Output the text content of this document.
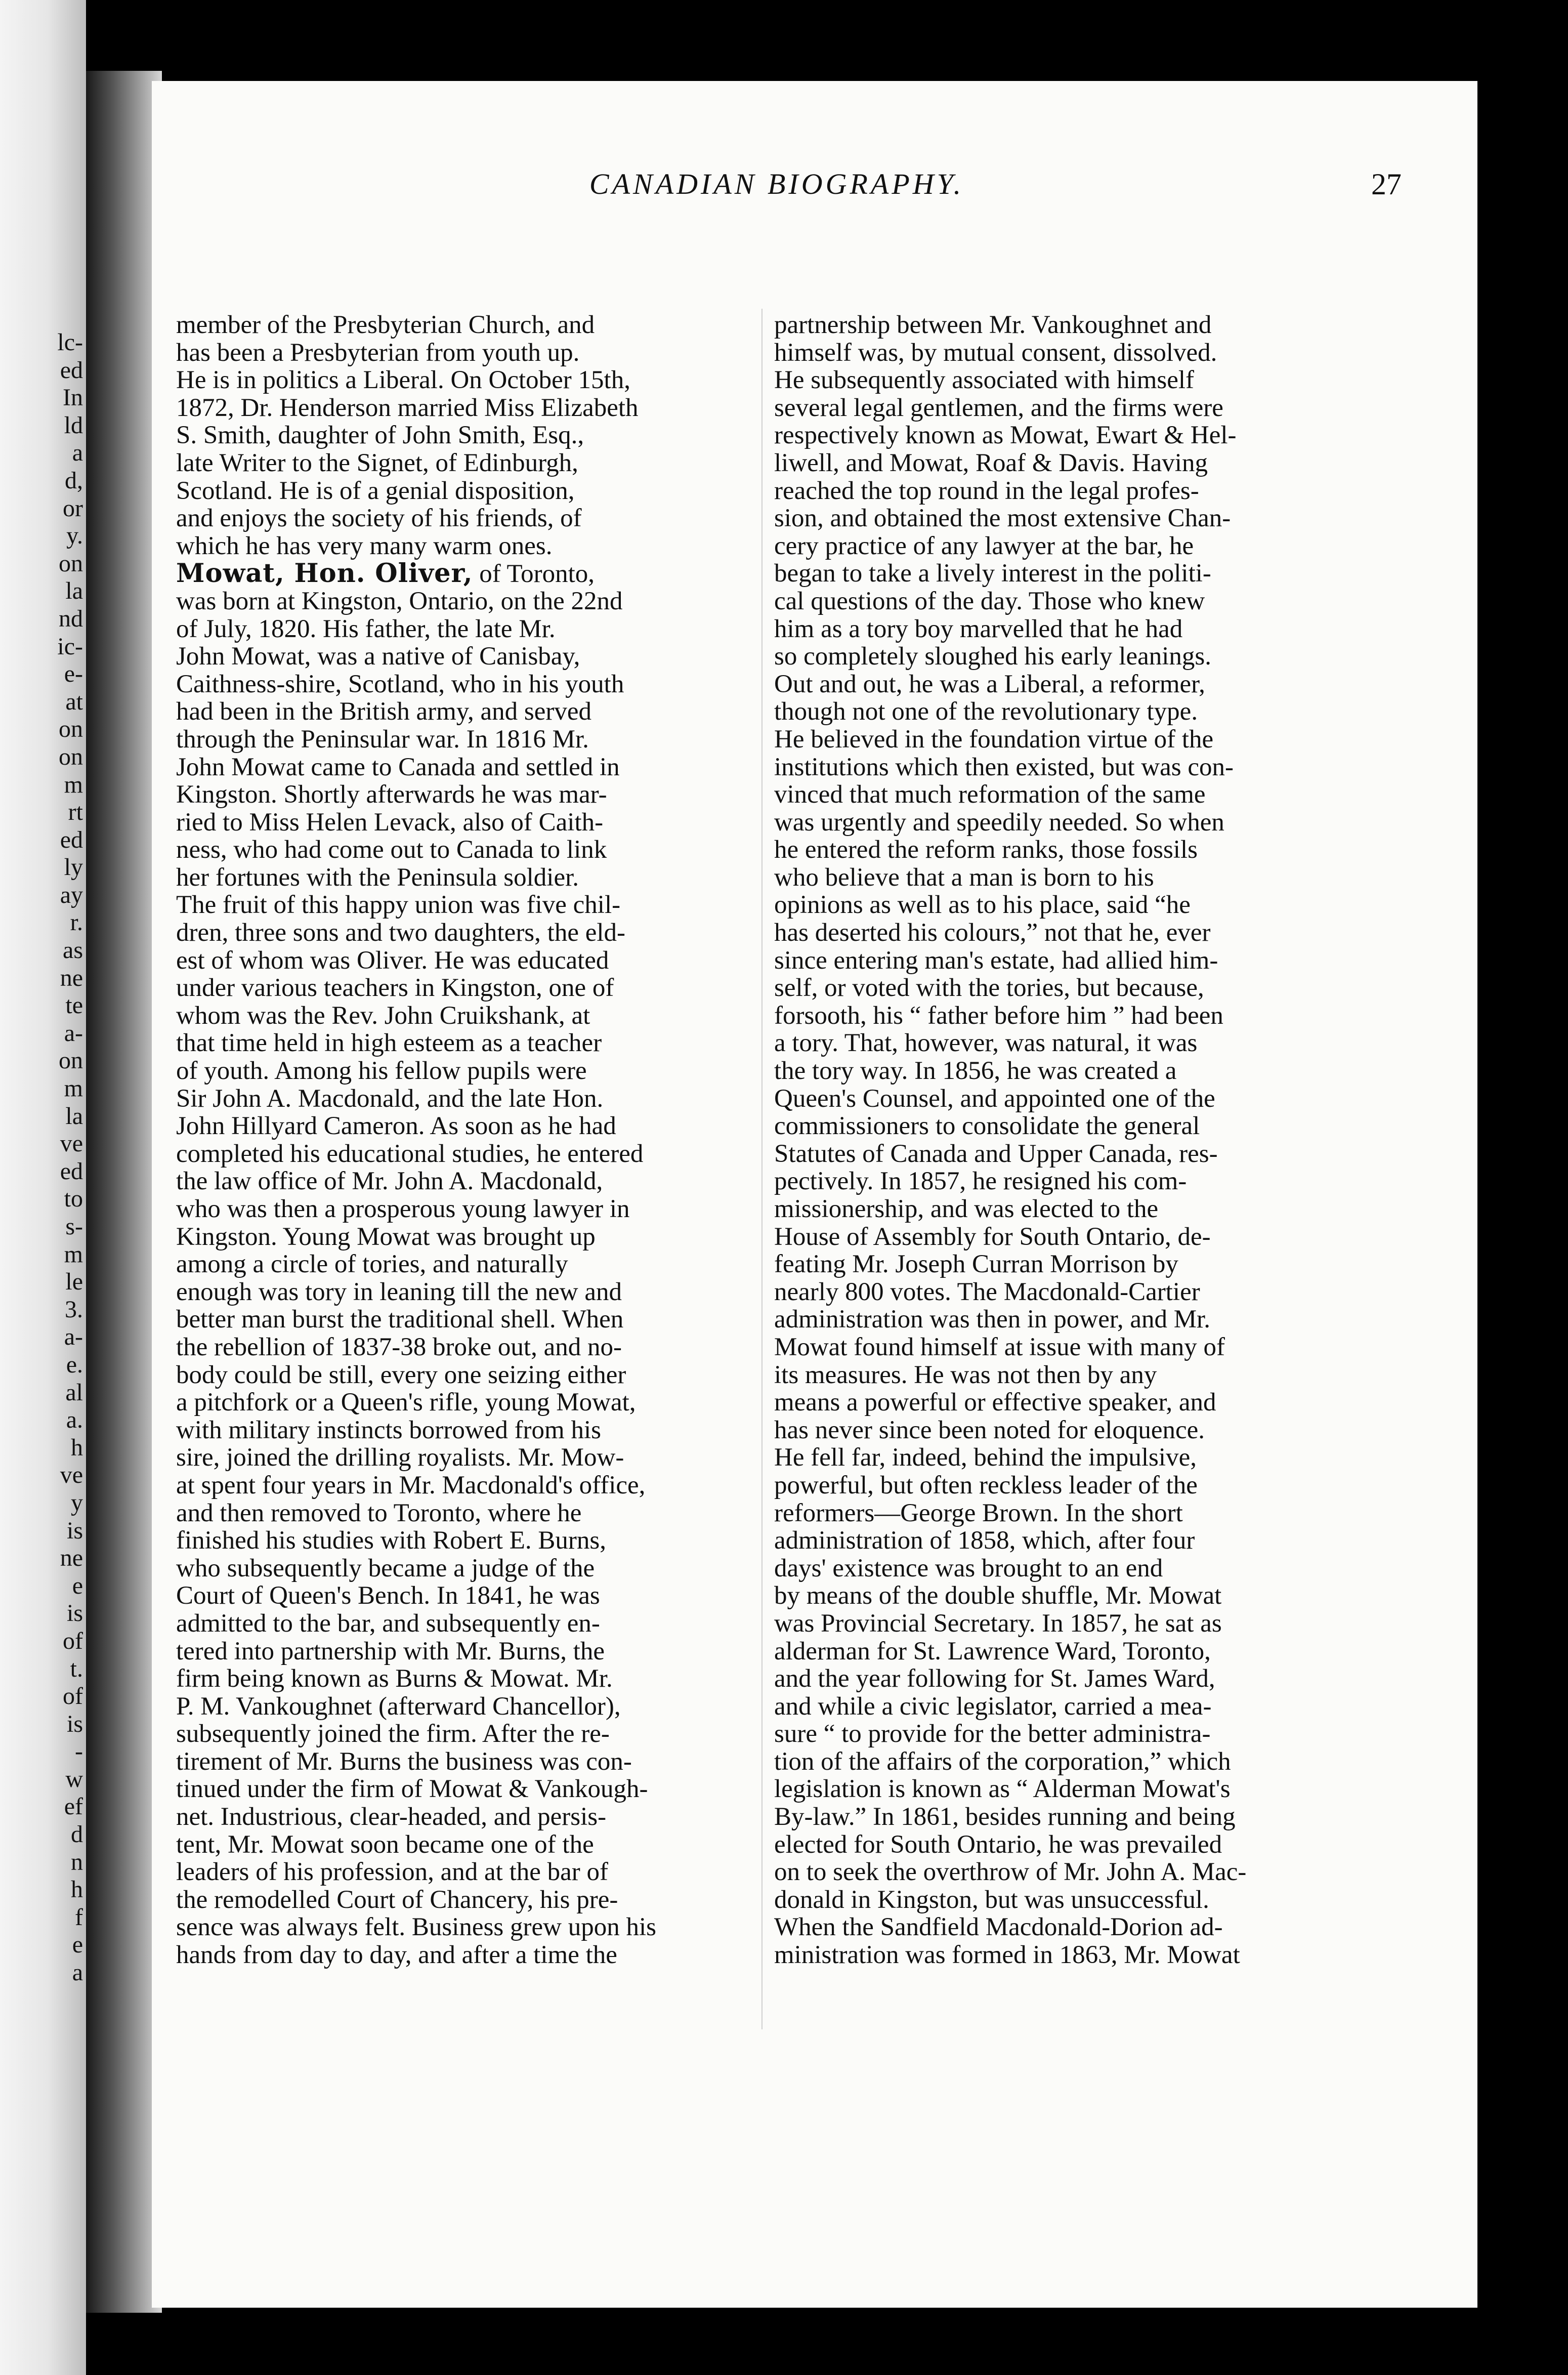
lc-
ed
In
ld
a
d,
or
y.
on
la
nd
ic-
e-
at
on
on
m
rt
ed
ly
ay
r.
as
ne
te
a-
on
m
la
ve
ed
to
s-
m
le
3.
a-
e.
al
a.
h
ve
y
is
ne
e
is
of
t.
of
is
-
w
ef
d
n
h
f
e
a
CANADIAN BIOGRAPHY.	27
member of the Presbyterian Church, and
has been a Presbyterian from youth up.
He is in politics a Liberal. On October 15th,
1872, Dr. Henderson married Miss Elizabeth
S. Smith, daughter of John Smith, Esq.,
late Writer to the Signet, of Edinburgh,
Scotland. He is of a genial disposition,
and enjoys the society of his friends, of
which he has very many warm ones.
Mowat, Hon. Oliver, of Toronto,
was born at Kingston, Ontario, on the 22nd
of July, 1820. His father, the late Mr.
John Mowat, was a native of Canisbay,
Caithness-shire, Scotland, who in his youth
had been in the British army, and served
through the Peninsular war. In 1816 Mr.
John Mowat came to Canada and settled in
Kingston. Shortly afterwards he was mar-
ried to Miss Helen Levack, also of Caith-
ness, who had come out to Canada to link
her fortunes with the Peninsula soldier.
The fruit of this happy union was five chil-
dren, three sons and two daughters, the eld-
est of whom was Oliver. He was educated
under various teachers in Kingston, one of
whom was the Rev. John Cruikshank, at
that time held in high esteem as a teacher
of youth. Among his fellow pupils were
Sir John A. Macdonald, and the late Hon.
John Hillyard Cameron. As soon as he had
completed his educational studies, he entered
the law office of Mr. John A. Macdonald,
who was then a prosperous young lawyer in
Kingston. Young Mowat was brought up
among a circle of tories, and naturally
enough was tory in leaning till the new and
better man burst the traditional shell. When
the rebellion of 1837-38 broke out, and no-
body could be still, every one seizing either
a pitchfork or a Queen's rifle, young Mowat,
with military instincts borrowed from his
sire, joined the drilling royalists. Mr. Mow-
at spent four years in Mr. Macdonald's office,
and then removed to Toronto, where he
finished his studies with Robert E. Burns,
who subsequently became a judge of the
Court of Queen's Bench. In 1841, he was
admitted to the bar, and subsequently en-
tered into partnership with Mr. Burns, the
firm being known as Burns & Mowat. Mr.
P. M. Vankoughnet (afterward Chancellor),
subsequently joined the firm. After the re-
tirement of Mr. Burns the business was con-
tinued under the firm of Mowat & Vankough-
net. Industrious, clear-headed, and persis-
tent, Mr. Mowat soon became one of the
leaders of his profession, and at the bar of
the remodelled Court of Chancery, his pre-
sence was always felt. Business grew upon his
hands from day to day, and after a time the
partnership between Mr. Vankoughnet and
himself was, by mutual consent, dissolved.
He subsequently associated with himself
several legal gentlemen, and the firms were
respectively known as Mowat, Ewart & Hel-
liwell, and Mowat, Roaf & Davis. Having
reached the top round in the legal profes-
sion, and obtained the most extensive Chan-
cery practice of any lawyer at the bar, he
began to take a lively interest in the politi-
cal questions of the day. Those who knew
him as a tory boy marvelled that he had
so completely sloughed his early leanings.
Out and out, he was a Liberal, a reformer,
though not one of the revolutionary type.
He believed in the foundation virtue of the
institutions which then existed, but was con-
vinced that much reformation of the same
was urgently and speedily needed. So when
he entered the reform ranks, those fossils
who believe that a man is born to his
opinions as well as to his place, said “he
has deserted his colours,” not that he, ever
since entering man's estate, had allied him-
self, or voted with the tories, but because,
forsooth, his “ father before him ” had been
a tory. That, however, was natural, it was
the tory way. In 1856, he was created a
Queen's Counsel, and appointed one of the
commissioners to consolidate the general
Statutes of Canada and Upper Canada, res-
pectively. In 1857, he resigned his com-
missionership, and was elected to the
House of Assembly for South Ontario, de-
feating Mr. Joseph Curran Morrison by
nearly 800 votes. The Macdonald-Cartier
administration was then in power, and Mr.
Mowat found himself at issue with many of
its measures. He was not then by any
means a powerful or effective speaker, and
has never since been noted for eloquence.
He fell far, indeed, behind the impulsive,
powerful, but often reckless leader of the
reformers—George Brown. In the short
administration of 1858, which, after four
days' existence was brought to an end
by means of the double shuffle, Mr. Mowat
was Provincial Secretary. In 1857, he sat as
alderman for St. Lawrence Ward, Toronto,
and the year following for St. James Ward,
and while a civic legislator, carried a mea-
sure “ to provide for the better administra-
tion of the affairs of the corporation,” which
legislation is known as “ Alderman Mowat's
By-law.” In 1861, besides running and being
elected for South Ontario, he was prevailed
on to seek the overthrow of Mr. John A. Mac-
donald in Kingston, but was unsuccessful.
When the Sandfield Macdonald-Dorion ad-
ministration was formed in 1863, Mr. Mowat
